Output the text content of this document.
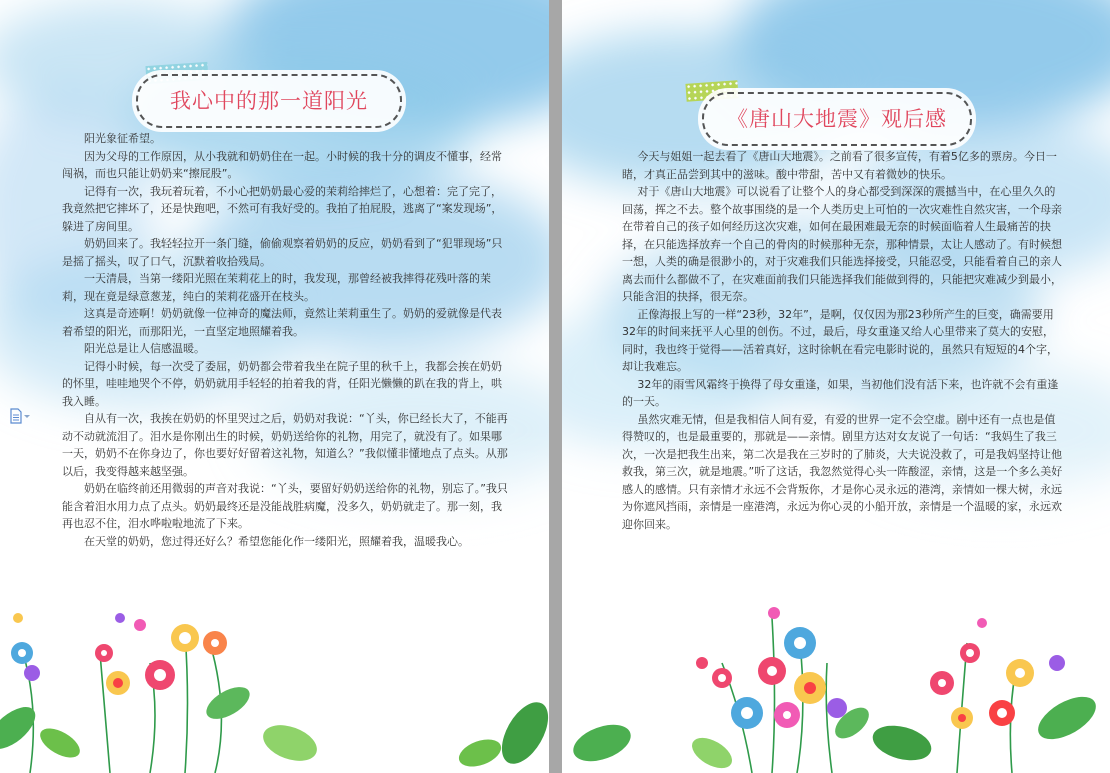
我心中的那一道阳光

阳光象征希望。

因为父母的工作原因，从小我就和奶奶住在一起。小时候的我十分的调皮不懂事，经常闯祸，而也只能让奶奶来“擦屁股”。

记得有一次，我玩着玩着，不小心把奶奶最心爱的茉莉给摔烂了，心想着：完了完了，我竟然把它摔坏了，还是快跑吧，不然可有我好受的。我拍了拍屁股，逃离了“案发现场”，躲进了房间里。

奶奶回来了。我轻轻拉开一条门缝，偷偷观察着奶奶的反应，奶奶看到了“犯罪现场”只是摇了摇头，叹了口气，沉默着收拾残局。

一天清晨，当第一缕阳光照在茉莉花上的时，我发现，那曾经被我摔得花残叶落的茉莉，现在竟是绿意葱茏，纯白的茉莉花盛开在枝头。

这真是奇迹啊！奶奶就像一位神奇的魔法师，竟然让茉莉重生了。奶奶的爱就像是代表着希望的阳光，而那阳光，一直坚定地照耀着我。

阳光总是让人信感温暖。

记得小时候，每一次受了委屈，奶奶都会带着我坐在院子里的秋千上，我都会挨在奶奶的怀里，哇哇地哭个不停，奶奶就用手轻轻的拍着我的背，任阳光懒懒的趴在我的背上，哄我入睡。

自从有一次，我挨在奶奶的怀里哭过之后，奶奶对我说：“丫头，你已经长大了，不能再动不动就流泪了。泪水是你刚出生的时候，奶奶送给你的礼物，用完了，就没有了。如果哪一天，奶奶不在你身边了，你也要好好留着这礼物，知道么？”我似懂非懂地点了点头。从那以后，我变得越来越坚强。

奶奶在临终前还用微弱的声音对我说：“丫头，要留好奶奶送给你的礼物，别忘了。”我只能含着泪水用力点了点头。奶奶最终还是没能战胜病魔，没多久，奶奶就走了。那一刻，我再也忍不住，泪水哗啦啦地流了下来。

在天堂的奶奶，您过得还好么？希望您能化作一缕阳光，照耀着我，温暖我心。

《唐山大地震》观后感

今天与姐姐一起去看了《唐山大地震》。之前看了很多宣传，有着5亿多的票房。今日一睹，才真正品尝到其中的滋味。酸中带甜，苦中又有着微妙的快乐。

对于《唐山大地震》可以说看了让整个人的身心都受到深深的震撼当中，在心里久久的回荡，挥之不去。整个故事围绕的是一个人类历史上可怕的一次灾难性自然灾害，一个母亲在带着自己的孩子如何经历这次灾难，如何在最困难最无奈的时候面临着人生最痛苦的抉择，在只能选择放弃一个自己的骨肉的时候那种无奈，那种情景，太让人感动了。有时候想一想，人类的确是很渺小的，对于灾难我们只能选择接受，只能忍受，只能看着自己的亲人离去而什么都做不了，在灾难面前我们只能选择我们能做到得的，只能把灾难减少到最小，只能含泪的抉择，很无奈。

正像海报上写的一样“23秒，32年”，是啊，仅仅因为那23秒所产生的巨变，确需要用32年的时间来抚平人心里的创伤。不过，最后，母女重逢又给人心里带来了莫大的安慰，同时，我也终于觉得——活着真好，这时徐帆在看完电影时说的，虽然只有短短的4个字，却让我难忘。

32年的雨雪风霜终于换得了母女重逢，如果，当初他们没有活下来，也许就不会有重逢的一天。

虽然灾难无情，但是我相信人间有爱，有爱的世界一定不会空虚。剧中还有一点也是值得赞叹的，也是最重要的，那就是——亲情。剧里方达对女友说了一句话：“我妈生了我三次，一次是把我生出来，第二次是我在三岁时的了肺炎，大夫说没救了，可是我妈坚持让他救我，第三次，就是地震。”听了这话，我忽然觉得心头一阵酸涩，亲情，这是一个多么美好感人的感情。只有亲情才永远不会背叛你，才是你心灵永远的港湾，亲情如一棵大树，永远为你遮风挡雨，亲情是一座港湾，永远为你心灵的小船开放，亲情是一个温暖的家，永远欢迎你回来。
